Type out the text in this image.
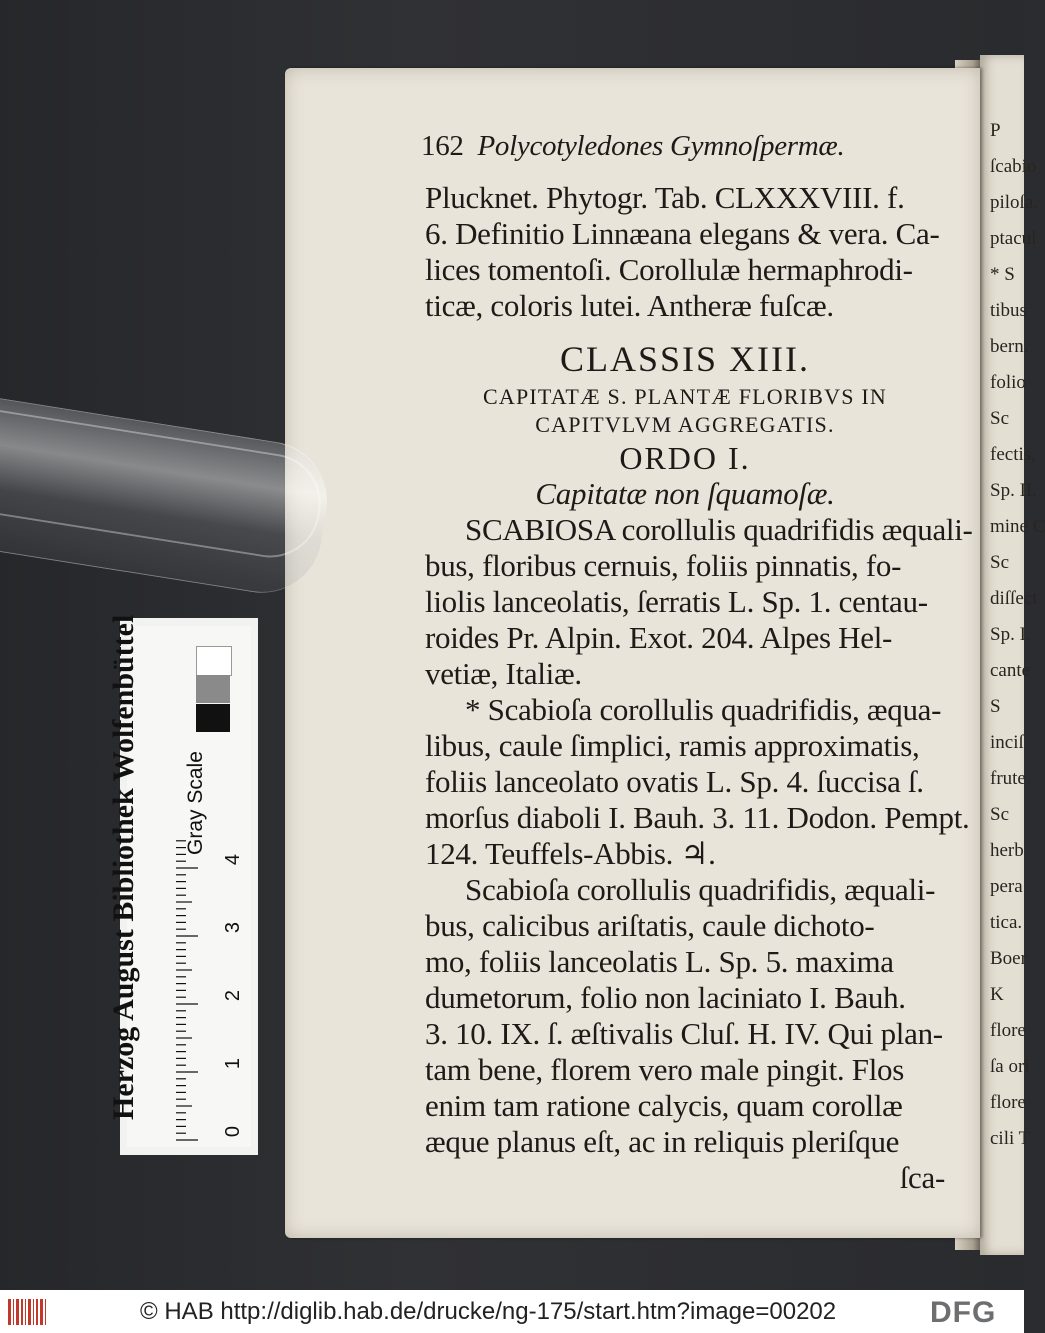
P
ſcabio
piloſa.
ptacul
* S
tibus
bern.
folio
Sc
fectis,
Sp. II.
mine C
Sc
diſſect
Sp. I.
cante
S
inciſ
frute
Sc
herb
pera
tica.
Boer
K
flore
ſa ori
flore
cili T
162 Polycotyledones Gymnoſpermæ.
Plucknet. Phytogr. Tab. CLXXXVIII. f.
6. Definitio Linnæana elegans & vera. Ca-
lices tomentoſi. Corollulæ hermaphrodi-
ticæ, coloris lutei. Antheræ fuſcæ.
CLASSIS XIII.
CAPITATÆ S. PLANTÆ FLORIBVS IN
CAPITVLVM AGGREGATIS.
ORDO I.
Capitatæ non ſquamoſæ.
SCABIOSA corollulis quadrifidis æquali-
bus, floribus cernuis, foliis pinnatis, fo-
liolis lanceolatis, ſerratis L. Sp. 1. centau-
roides Pr. Alpin. Exot. 204. Alpes Hel-
vetiæ, Italiæ.
* Scabioſa corollulis quadrifidis, æqua-
libus, caule ſimplici, ramis approximatis,
foliis lanceolato ovatis L. Sp. 4. ſuccisa ſ.
morſus diaboli I. Bauh. 3. 11. Dodon. Pempt.
124. Teuffels-Abbis. ♃.
Scabioſa corollulis quadrifidis, æquali-
bus, calicibus ariſtatis, caule dichoto-
mo, foliis lanceolatis L. Sp. 5. maxima
dumetorum, folio non laciniato I. Bauh.
3. 10. IX. ſ. æſtivalis Cluſ. H. IV. Qui plan-
tam bene, florem vero male pingit. Flos
enim tam ratione calycis, quam corollæ
æque planus eſt, ac in reliquis pleriſque
ſca-
Herzog August Bibliothek Wolfenbüttel Gray Scale
0
1
2
3
4
© HAB http://diglib.hab.de/drucke/ng-175/start.htm?image=00202	DFG
